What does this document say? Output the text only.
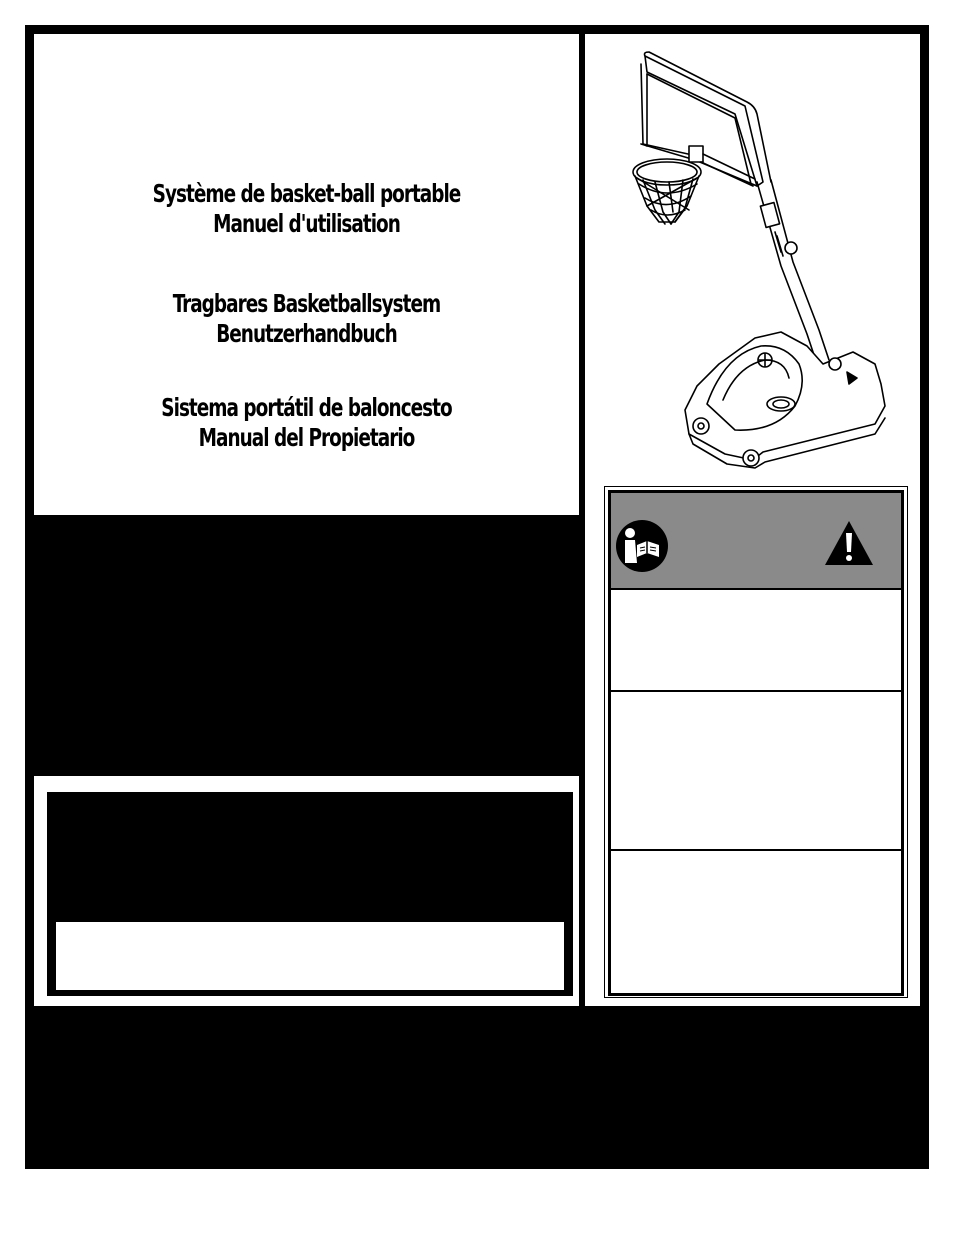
Système de basket-ball portable
Manuel d'utilisation
Tragbares Basketballsystem
Benutzerhandbuch
Sistema portátil de baloncesto
Manual del Propietario
